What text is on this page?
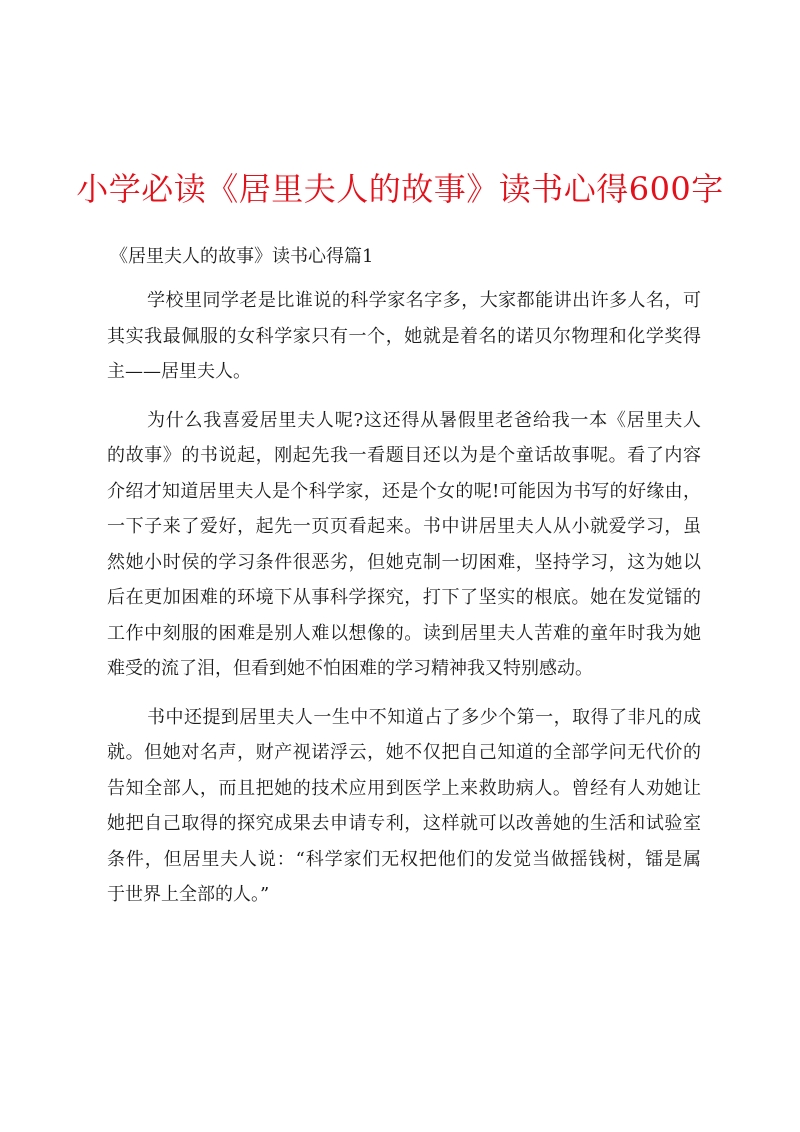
小学必读《居里夫人的故事》读书心得600字
《居里夫人的故事》读书心得篇1
学校里同学老是比谁说的科学家名字多，大家都能讲出许多人名，可
其实我最佩服的女科学家只有一个，她就是着名的诺贝尔物理和化学奖得
主——居里夫人。
为什么我喜爱居里夫人呢?这还得从暑假里老爸给我一本《居里夫人
的故事》的书说起，刚起先我一看题目还以为是个童话故事呢。看了内容
介绍才知道居里夫人是个科学家，还是个女的呢!可能因为书写的好缘由，
一下子来了爱好，起先一页页看起来。书中讲居里夫人从小就爱学习，虽
然她小时侯的学习条件很恶劣，但她克制一切困难，坚持学习，这为她以
后在更加困难的环境下从事科学探究，打下了坚实的根底。她在发觉镭的
工作中刻服的困难是别人难以想像的。读到居里夫人苦难的童年时我为她
难受的流了泪，但看到她不怕困难的学习精神我又特别感动。
书中还提到居里夫人一生中不知道占了多少个第一，取得了非凡的成
就。但她对名声，财产视诺浮云，她不仅把自己知道的全部学问无代价的
告知全部人，而且把她的技术应用到医学上来救助病人。曾经有人劝她让
她把自己取得的探究成果去申请专利，这样就可以改善她的生活和试验室
条件，但居里夫人说：“科学家们无权把他们的发觉当做摇钱树，镭是属
于世界上全部的人。”
